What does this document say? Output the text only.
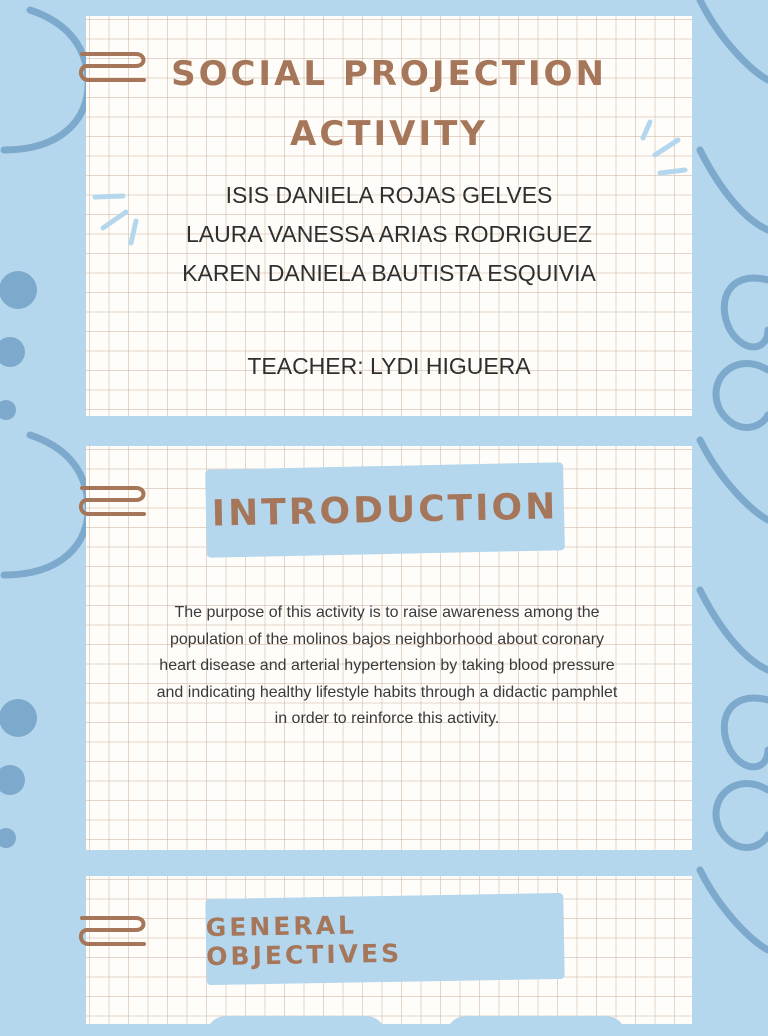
SOCIAL PROJECTION
ACTIVITY
ISIS DANIELA ROJAS GELVES
LAURA VANESSA ARIAS RODRIGUEZ
KAREN DANIELA BAUTISTA ESQUIVIA
TEACHER: LYDI HIGUERA
INTRODUCTION
The purpose of this activity is to raise awareness among the
population of the molinos bajos neighborhood about coronary
heart disease and arterial hypertension by taking blood pressure
and indicating healthy lifestyle habits through a didactic pamphlet
in order to reinforce this activity.
GENERAL OBJECTIVES
